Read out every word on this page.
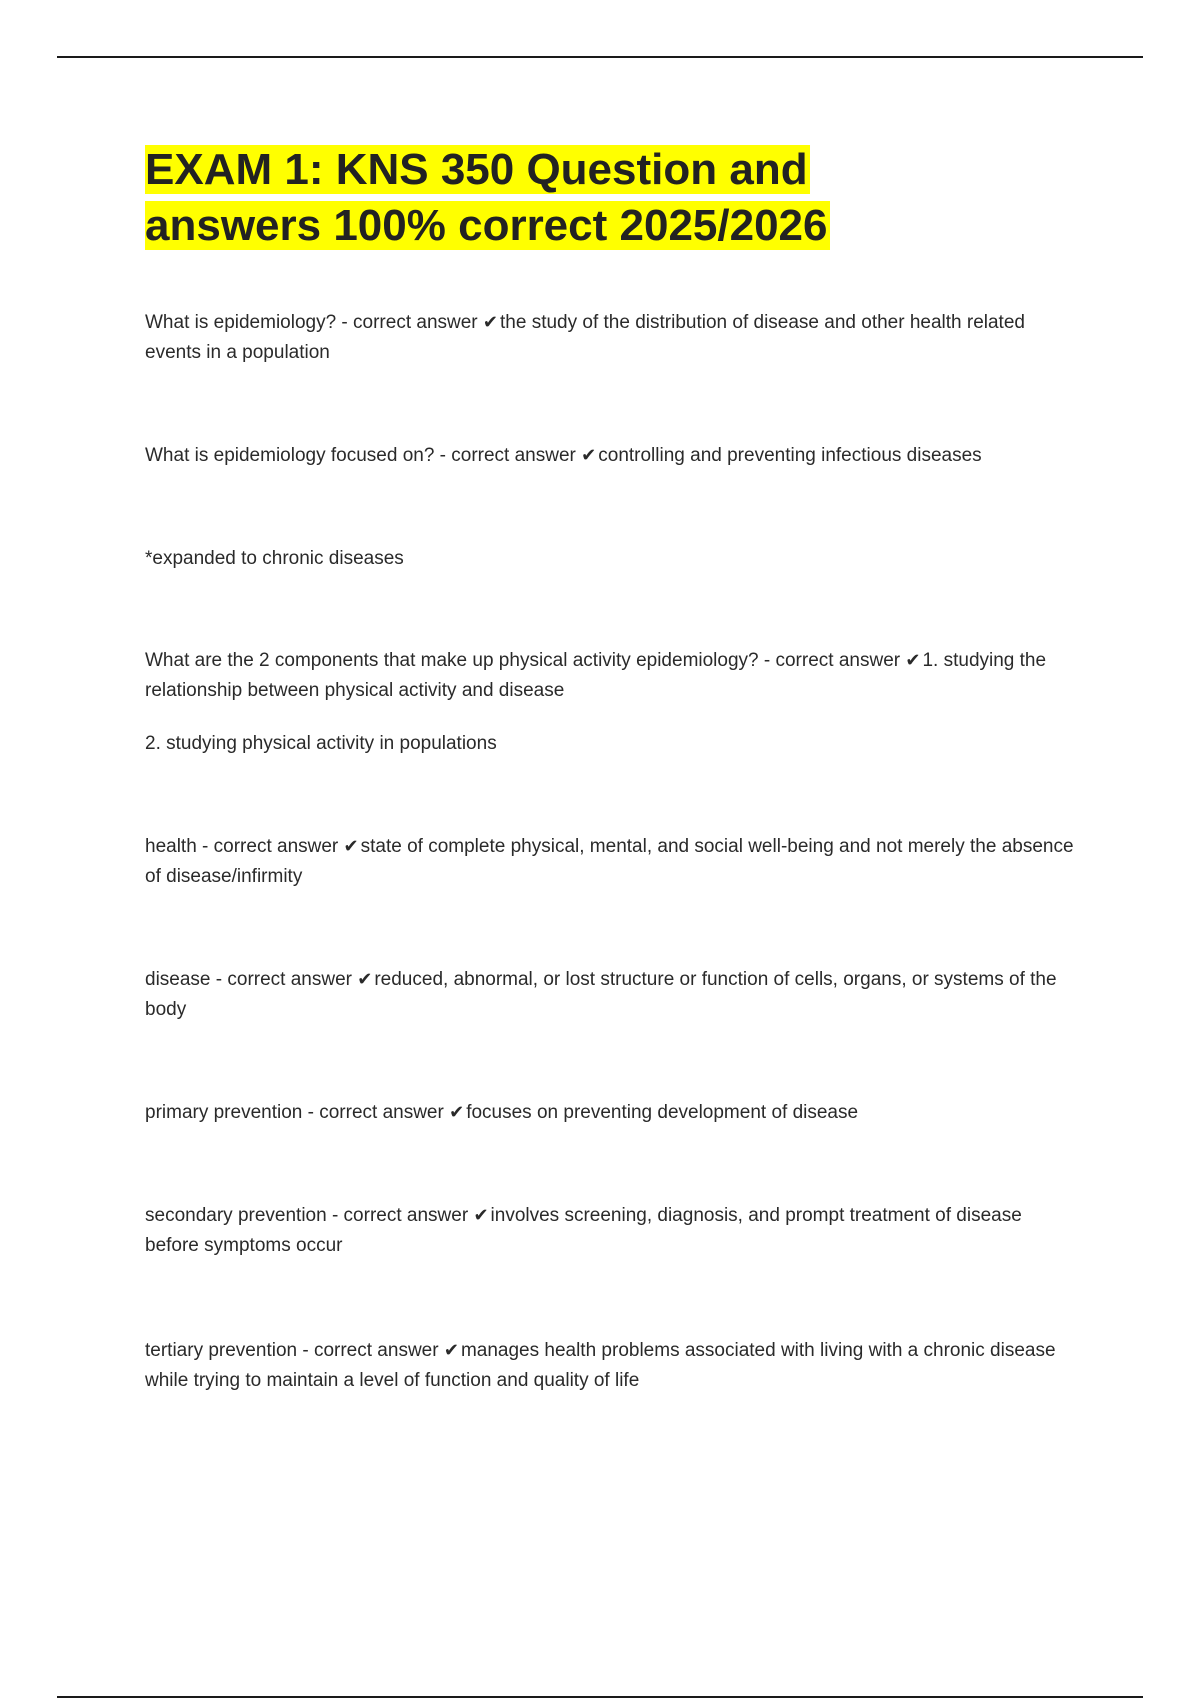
EXAM 1: KNS 350 Question and
answers 100% correct 2025/2026

What is epidemiology? - correct answer ✔ the study of the distribution of disease and other health related events in a population

What is epidemiology focused on? - correct answer ✔ controlling and preventing infectious diseases

*expanded to chronic diseases

What are the 2 components that make up physical activity epidemiology? - correct answer ✔ 1. studying the relationship between physical activity and disease

2. studying physical activity in populations

health - correct answer ✔ state of complete physical, mental, and social well-being and not merely the absence of disease/infirmity

disease - correct answer ✔ reduced, abnormal, or lost structure or function of cells, organs, or systems of the body

primary prevention - correct answer ✔ focuses on preventing development of disease

secondary prevention - correct answer ✔ involves screening, diagnosis, and prompt treatment of disease before symptoms occur

tertiary prevention - correct answer ✔ manages health problems associated with living with a chronic disease while trying to maintain a level of function and quality of life
